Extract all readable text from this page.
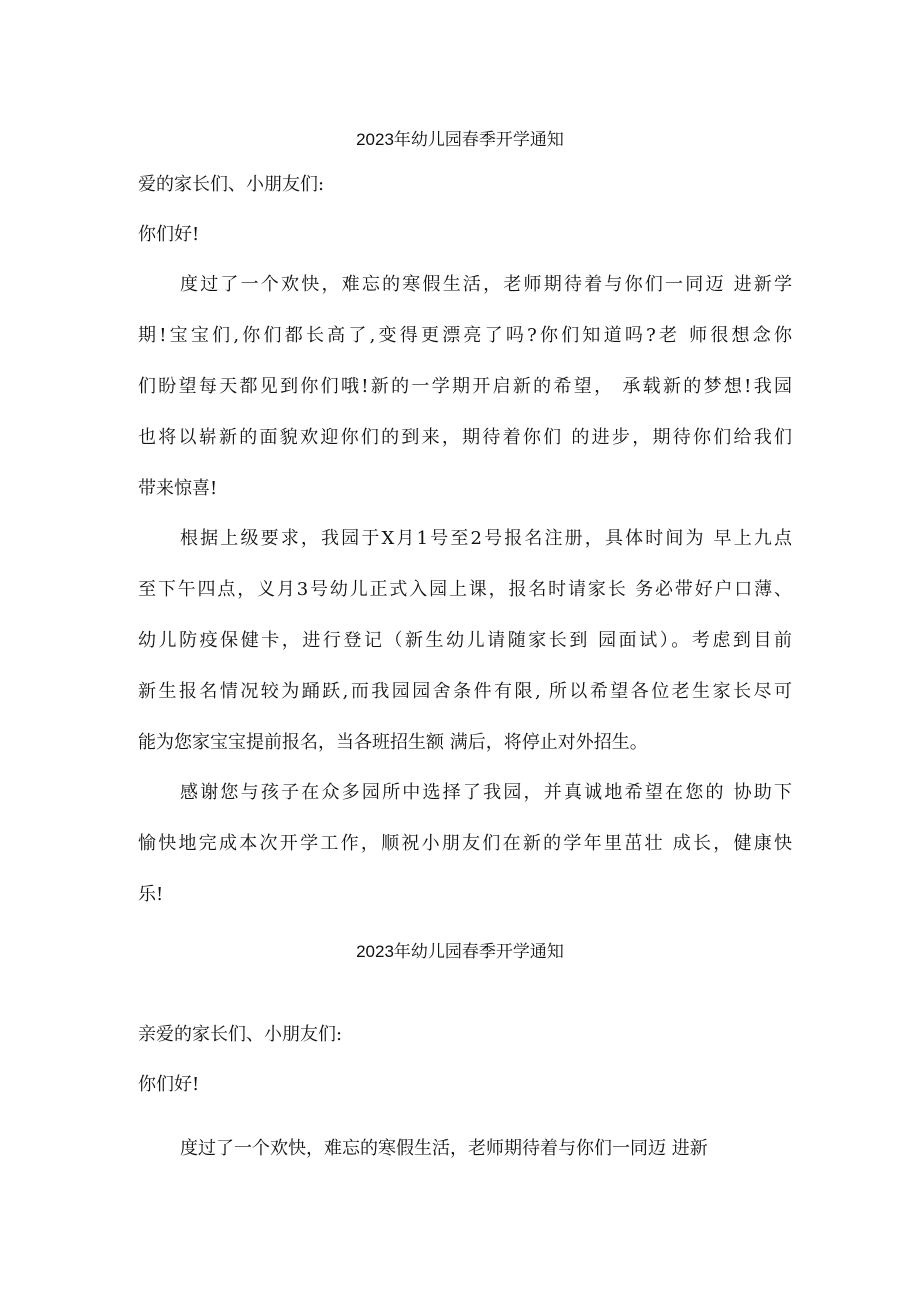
2023年幼儿园春季开学通知
爱的家长们、小朋友们:
你们好!
度过了一个欢快，难忘的寒假生活，老师期待着与你们一同迈 进新学
期!宝宝们,你们都长高了,变得更漂亮了吗?你们知道吗?老 师很想念你
们盼望每天都见到你们哦!新的一学期开启新的希望， 承载新的梦想!我园
也将以崭新的面貌欢迎你们的到来，期待着你们 的进步，期待你们给我们
带来惊喜!
根据上级要求，我园于X月1号至2号报名注册，具体时间为 早上九点
至下午四点，义月3号幼儿正式入园上课，报名时请家长 务必带好户口薄、
幼儿防疫保健卡，进行登记（新生幼儿请随家长到 园面试）。考虑到目前
新生报名情况较为踊跃,而我园园舍条件有限, 所以希望各位老生家长尽可
能为您家宝宝提前报名，当各班招生额 满后，将停止对外招生。
感谢您与孩子在众多园所中选择了我园，并真诚地希望在您的 协助下
愉快地完成本次开学工作，顺祝小朋友们在新的学年里茁壮 成长，健康快
乐!
2023年幼儿园春季开学通知
亲爱的家长们、小朋友们:
你们好!
度过了一个欢快，难忘的寒假生活，老师期待着与你们一同迈 进新
